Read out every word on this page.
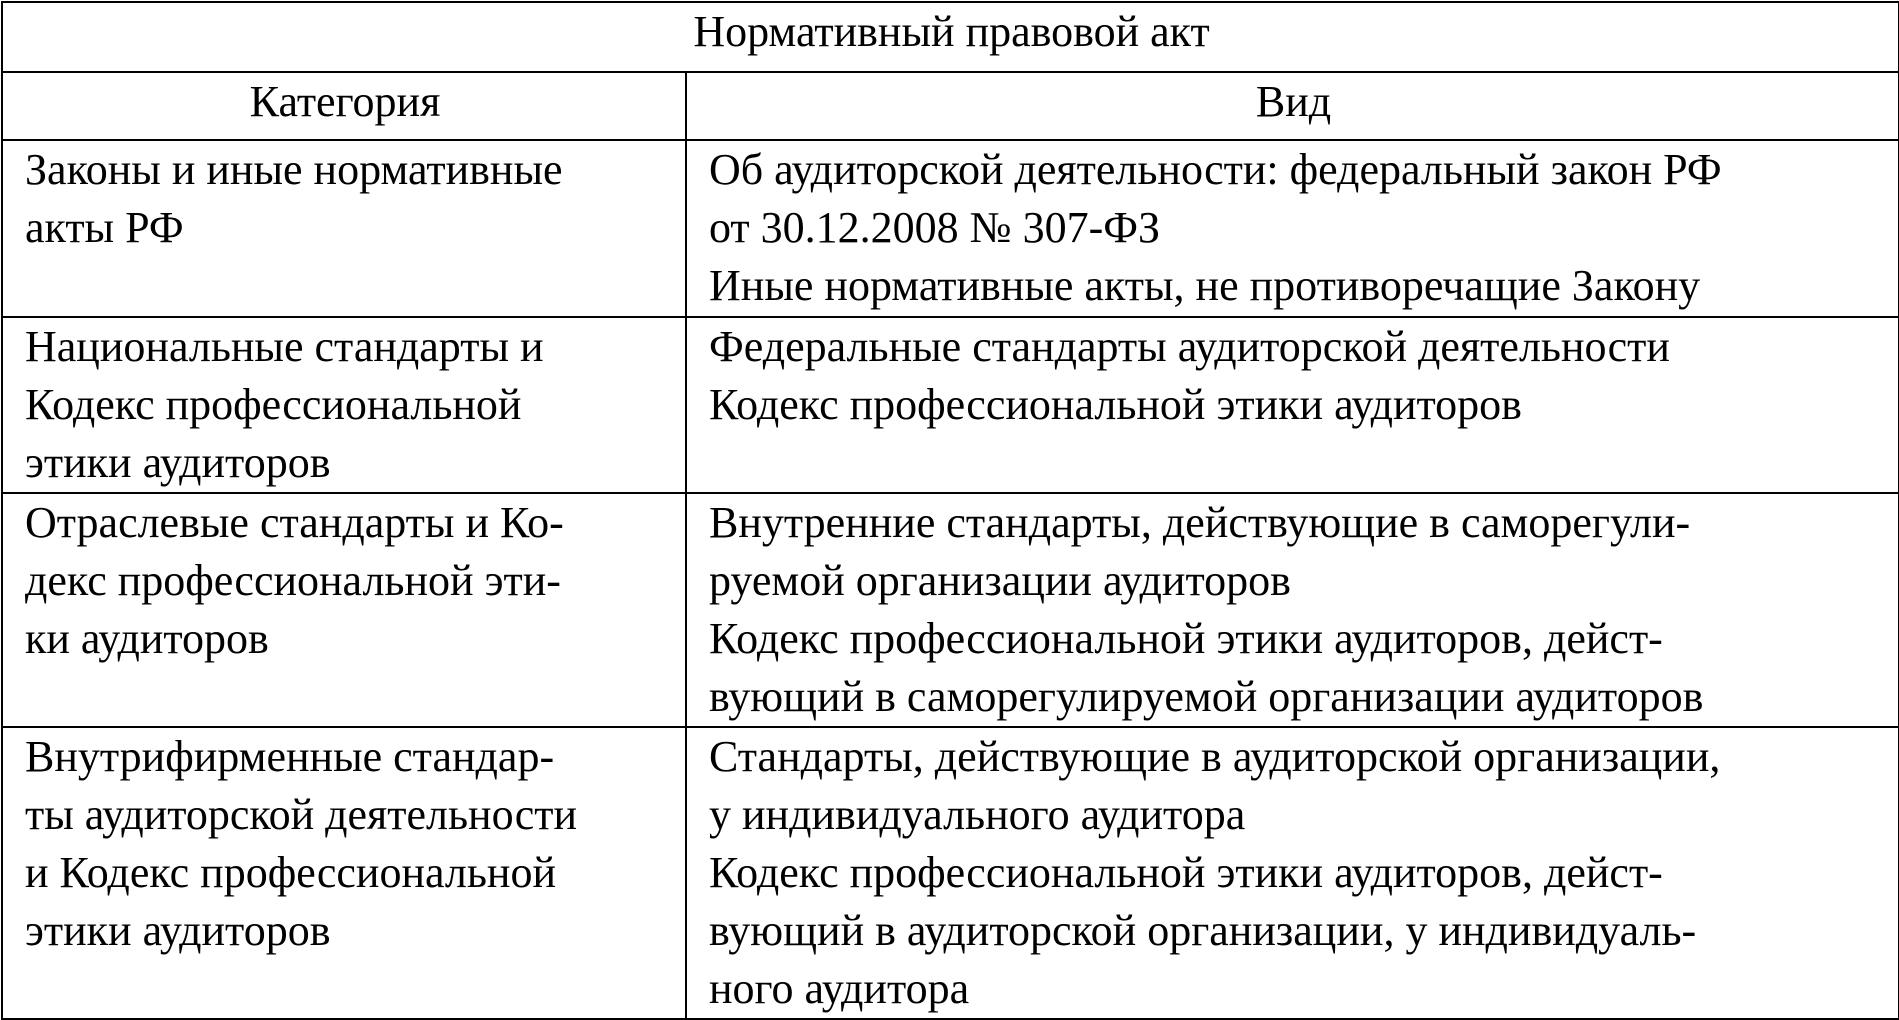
Нормативный правовой акт	
Категория	Вид

Законы и иные нормативные
акты РФ	Об аудиторской деятельности: федеральный закон РФ
от 30.12.2008 № 307-ФЗ
Иные нормативные акты, не противоречащие Закону

Национальные стандарты и
Кодекс профессиональной
этики аудиторов	Федеральные стандарты аудиторской деятельности
Кодекс профессиональной этики аудиторов

Отраслевые стандарты и Ко-
декс профессиональной эти-
ки аудиторов	Внутренние стандарты, действующие в саморегули-
руемой организации аудиторов
Кодекс профессиональной этики аудиторов, дейст-
вующий в саморегулируемой организации аудиторов

Внутрифирменные стандар-
ты аудиторской деятельности
и Кодекс профессиональной
этики аудиторов	Стандарты, действующие в аудиторской организации,
у индивидуального аудитора
Кодекс профессиональной этики аудиторов, дейст-
вующий в аудиторской организации, у индивидуаль-
ного аудитора
